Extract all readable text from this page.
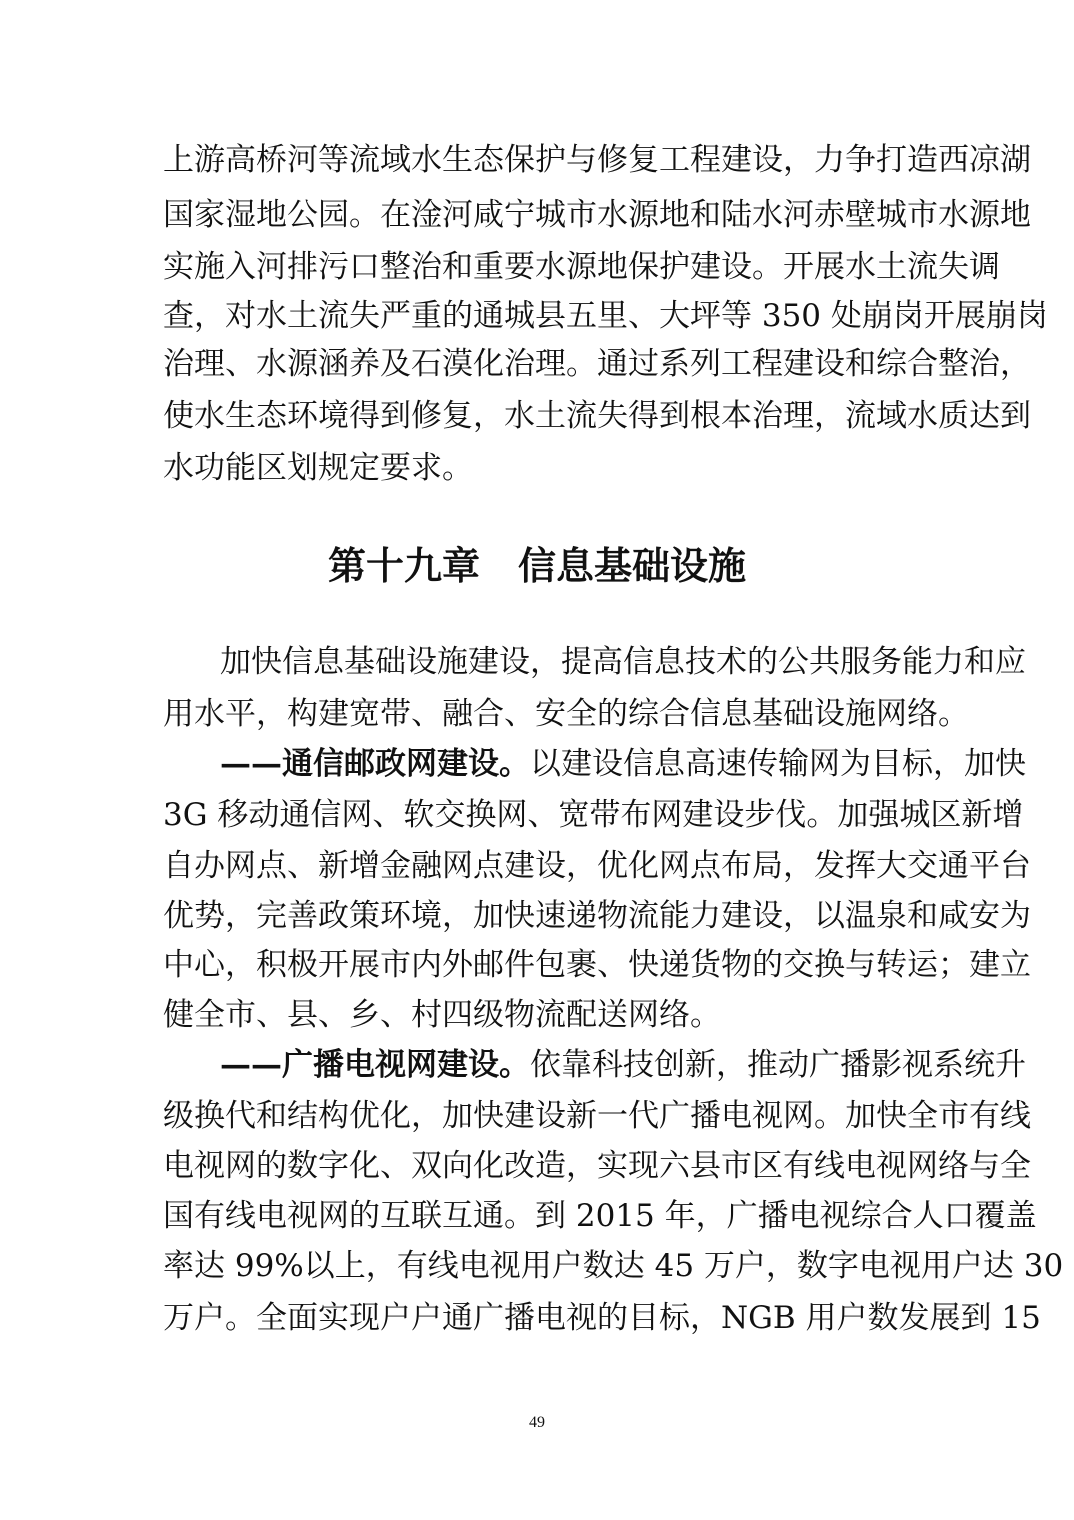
上游高桥河等流域水生态保护与修复工程建设，力争打造西凉湖
国家湿地公园。在淦河咸宁城市水源地和陆水河赤壁城市水源地
实施入河排污口整治和重要水源地保护建设。开展水土流失调
查，对水土流失严重的通城县五里、大坪等 350 处崩岗开展崩岗
治理、水源涵养及石漠化治理。通过系列工程建设和综合整治，
使水生态环境得到修复，水土流失得到根本治理，流域水质达到
水功能区划规定要求。
第十九章　信息基础设施
加快信息基础设施建设，提高信息技术的公共服务能力和应
用水平，构建宽带、融合、安全的综合信息基础设施网络。
——通信邮政网建设。以建设信息高速传输网为目标，加快
3G 移动通信网、软交换网、宽带布网建设步伐。加强城区新增
自办网点、新增金融网点建设，优化网点布局，发挥大交通平台
优势，完善政策环境，加快速递物流能力建设，以温泉和咸安为
中心，积极开展市内外邮件包裹、快递货物的交换与转运；建立
健全市、县、乡、村四级物流配送网络。
——广播电视网建设。依靠科技创新，推动广播影视系统升
级换代和结构优化，加快建设新一代广播电视网。加快全市有线
电视网的数字化、双向化改造，实现六县市区有线电视网络与全
国有线电视网的互联互通。到 2015 年，广播电视综合人口覆盖
率达 99%以上，有线电视用户数达 45 万户，数字电视用户达 30
万户。全面实现户户通广播电视的目标，NGB 用户数发展到 15
49
